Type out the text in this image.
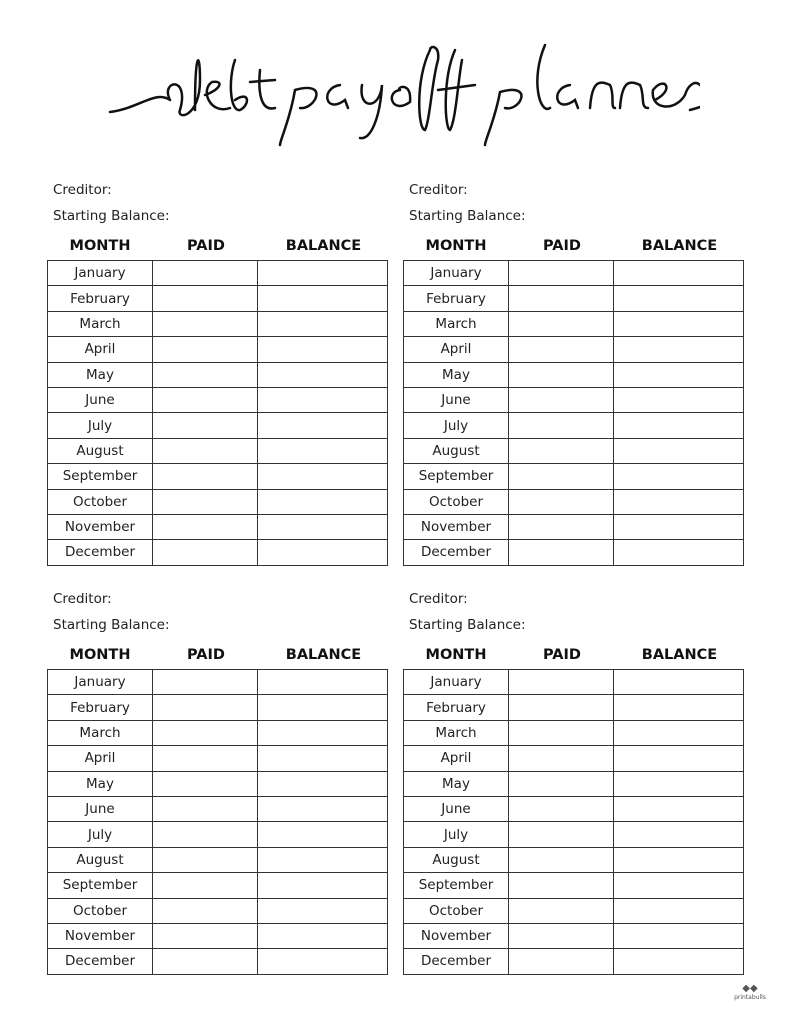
Creditor:
Starting Balance:
MONTH	PAID	BALANCE
January		
February		
March		
April		
May		
June		
July		
August		
September		
October		
November		
December		
Creditor:
Starting Balance:
MONTH	PAID	BALANCE
January		
February		
March		
April		
May		
June		
July		
August		
September		
October		
November		
December		
Creditor:
Starting Balance:
MONTH	PAID	BALANCE
January		
February		
March		
April		
May		
June		
July		
August		
September		
October		
November		
December		
Creditor:
Starting Balance:
MONTH	PAID	BALANCE
January		
February		
March		
April		
May		
June		
July		
August		
September		
October		
November		
December		
◆◆
printabulls
